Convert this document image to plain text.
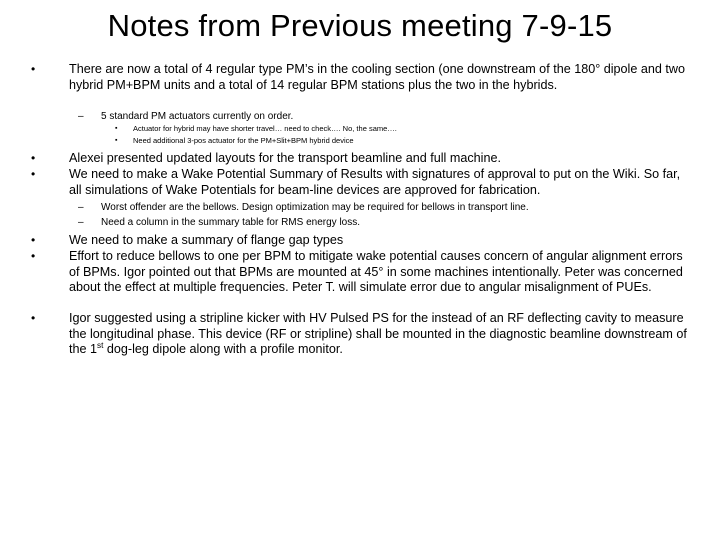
Notes from Previous meeting 7-9-15
•	There are now a total of 4 regular type PM’s in the cooling section (one downstream of the 180° dipole and two hybrid PM+BPM units and a total of 14 regular BPM stations plus the two in the hybrids.
– 5 standard PM actuators currently on order.
▪ Actuator for hybrid may have shorter travel… need to check…. No, the same….
▪ Need additional 3-pos actuator for the PM+Slit+BPM hybrid device
•	Alexei presented updated layouts for the transport beamline and full machine.
•	We need to make a Wake Potential Summary of Results with signatures of approval to put on the Wiki. So far, all simulations of Wake Potentials for beam-line devices are approved for fabrication.
– Worst offender are the bellows. Design optimization may be required for bellows in transport line.
– Need a column in the summary table for RMS energy loss.
•	We need to make a summary of flange gap types
•	Effort to reduce bellows to one per BPM to mitigate wake potential causes concern of angular alignment errors of BPMs. Igor pointed out that BPMs are mounted at 45° in some machines intentionally. Peter was concerned about the effect at multiple frequencies. Peter T. will simulate error due to angular misalignment of PUEs.
•	Igor suggested using a stripline kicker with HV Pulsed PS for the instead of an RF deflecting cavity to measure the longitudinal phase. This device (RF or stripline) shall be mounted in the diagnostic beamline downstream of the 1st dog-leg dipole along with a profile monitor.
